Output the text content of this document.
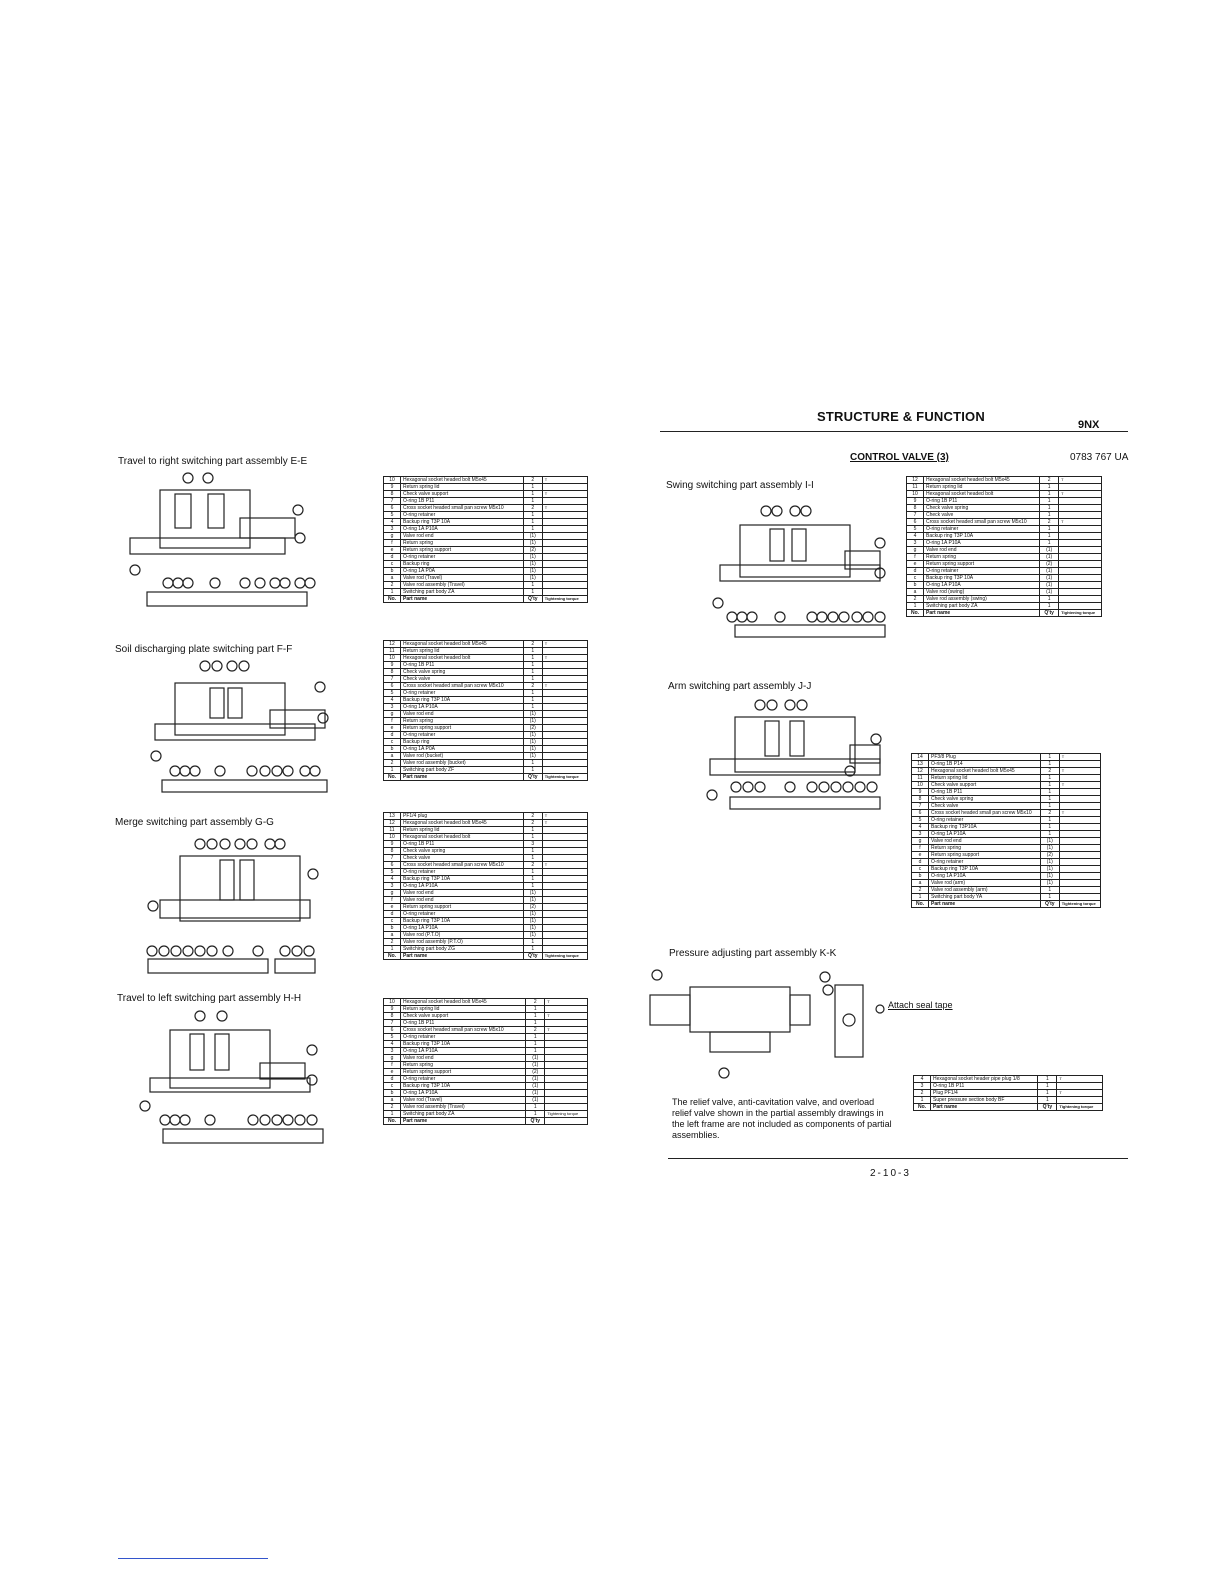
STRUCTURE & FUNCTION
9NX
CONTROL VALVE (3)	0783 767 UA
Travel to right switching part assembly E-E
Soil discharging plate switching part F-F
Merge switching part assembly G-G
Travel to left switching part assembly H-H
Swing switching part assembly I-I
Arm switching part assembly J-J
Pressure adjusting part assembly K-K
10	Hexagonal socket headed bolt M5x45	2	T
9	Return spring lid	1	
8	Check valve support	1	T
7	O-ring 1B P11	1	
6	Cross socket headed small pan screw M5x10	2	T
5	O-ring retainer	1	
4	Backup ring T3P 10A	1	
3	O-ring 1A P10A	1	
g	Valve rod end	(1)	
f	Return spring	(1)	
e	Return spring support	(2)	
d	O-ring retainer	(1)	
c	Backup ring	(1)	
b	O-ring 1A P0A	(1)	
a	Valve rod (Travel)	(1)	
2	Valve rod assembly (Travel)	1	
1	Switching part body ZA	1	
No.	Part name	Q'ty	Tightening torque
12	Hexagonal socket headed bolt M5x45	2	T
11	Return spring lid	1	
10	Hexagonal socket headed bolt	1	T
9	O-ring 1B P11	1	
8	Check valve spring	1	
7	Check valve	1	
6	Cross socket headed small pan screw M5x10	2	T
5	O-ring retainer	1	
4	Backup ring T3P 10A	1	
3	O-ring 1A P10A	1	
g	Valve rod end	(1)	
f	Return spring	(1)	
e	Return spring support	(2)	
d	O-ring retainer	(1)	
c	Backup ring	(1)	
b	O-ring 1A P0A	(1)	
a	Valve rod (bucket)	(1)	
2	Valve rod assembly (bucket)	1	
1	Switching part body ZF	1	
No.	Part name	Q'ty	Tightening torque
13	PF1/4 plug	2	T
12	Hexagonal socket headed bolt M5x45	2	T
11	Return spring lid	1	
10	Hexagonal socket headed bolt	1	
9	O-ring 1B P11	3	
8	Check valve spring	1	
7	Check valve	1	
6	Cross socket headed small pan screw M5x10	2	T
5	O-ring retainer	1	
4	Backup ring T3P 10A	1	
3	O-ring 1A P10A	1	
g	Valve rod end	(1)	
f	Valve rod end	(1)	
e	Return spring support	(2)	
d	O-ring retainer	(1)	
c	Backup ring T3P 10A	(1)	
b	O-ring 1A P10A	(1)	
a	Valve rod (P.T.O)	(1)	
2	Valve rod assembly (P.T.O)	1	
1	Switching part body ZG	1	
No.	Part name	Q'ty	Tightening torque
10	Hexagonal socket headed bolt M5x45	2	T
9	Return spring lid	1	
8	Check valve support	1	T
7	O-ring 1B P11	1	
6	Cross socket headed small pan screw M5x10	2	T
5	O-ring retainer	1	
4	Backup ring T3P 10A	1	
3	O-ring 1A P10A	1	
g	Valve rod end	(1)	
f	Return spring	(1)	
e	Return spring support	(2)	
d	O-ring retainer	(1)	
c	Backup ring T3P 10A	(1)	
b	O-ring 1A P10A	(1)	
a	Valve rod (Travel)	(1)	
2	Valve rod assembly (Travel)	1	
1	Switching part body ZA	1	Tightening torque
No.	Part name	Q'ty	
12	Hexagonal socket headed bolt M5x45	2	T
11	Return spring lid	1	
10	Hexagonal socket headed bolt	1	T
9	O-ring 1B P11	1	
8	Check valve spring	1	
7	Check valve	1	
6	Cross socket headed small pan screw M5x10	2	T
5	O-ring retainer	1	
4	Backup ring T3P 10A	1	
3	O-ring 1A P10A	1	
g	Valve rod end	(1)	
f	Return spring	(1)	
e	Return spring support	(2)	
d	O-ring retainer	(1)	
c	Backup ring T3P 10A	(1)	
b	O-ring 1A P10A	(1)	
a	Valve rod (swing)	(1)	
2	Valve rod assembly (swing)	1	
1	Switching part body ZA	1	
No.	Part name	Q'ty	Tightening torque
14	PF3/8 Plug	1	T
13	O-ring 1B P14	1	
12	Hexagonal socket headed bolt M5x45	2	T
11	Return spring lid	1	
10	Check valve support	1	T
9	O-ring 1B P11	1	
8	Check valve spring	1	
7	Check valve	1	
6	Cross socket headed small pan screw M5x10	2	T
5	O-ring retainer	1	
4	Backup ring T3P10A	1	
3	O-ring 1A P10A	1	
g	Valve rod end	(1)	
f	Return spring	(1)	
e	Return spring support	(2)	
d	O-ring retainer	(1)	
c	Backup ring T3P 10A	(1)	
b	O-ring 1A P10A	(1)	
a	Valve rod (arm)	(1)	
2	Valve rod assembly (arm)	1	
1	Switching part body YA	1	
No.	Part name	Q'ty	Tightening torque
4	Hexagonal socket header pipe plug 1/8	1	T
3	O-ring 1B P11	1	
2	Plug PF1/4	1	T
1	Super pressure section body BF	1	
No.	Part name	Q'ty	Tightening torque
Attach seal tape
The relief valve, anti-cavitation valve, and overload relief valve shown in the partial assembly drawings in the left frame are not included as components of partial assemblies.
2-10-3
